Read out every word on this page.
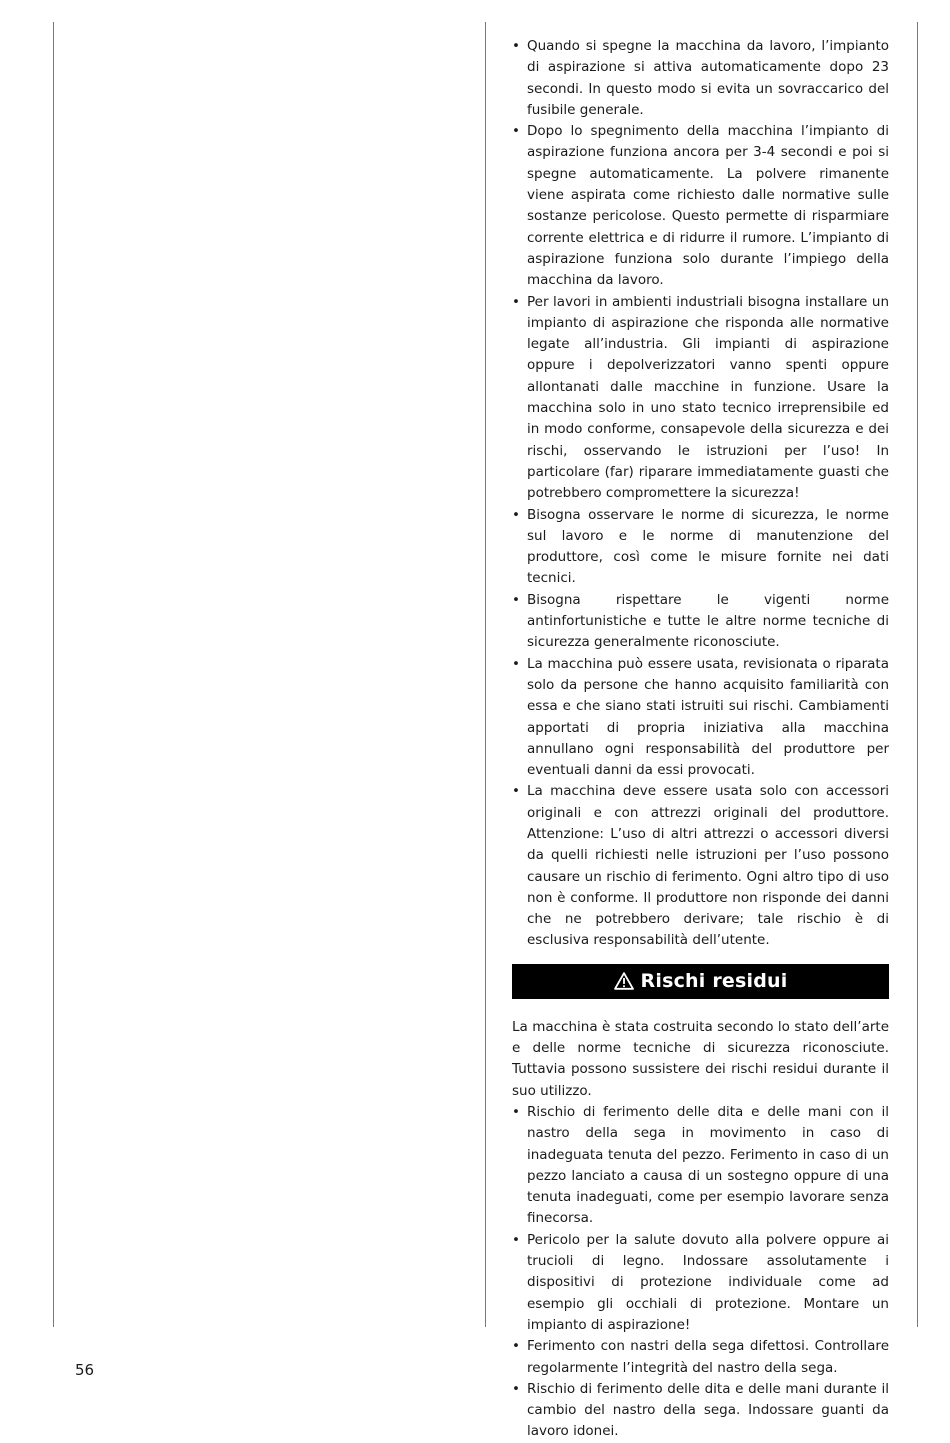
• Quando si spegne la macchina da lavoro, l’impianto di aspirazione si attiva automaticamente dopo 23 secondi. In questo modo si evita un sovraccarico del fusibile generale.
• Dopo lo spegnimento della macchina l’impianto di aspirazione funziona ancora per 3-4 secondi e poi si spegne automaticamente. La polvere rimanente viene aspirata come richiesto dalle normative sulle sostanze pericolose. Questo permette di risparmiare corrente elettrica e di ridurre il rumore. L’impianto di aspirazione funziona solo durante l’impiego della macchina da lavoro.
• Per lavori in ambienti industriali bisogna installare un impianto di aspirazione che risponda alle normative legate all’industria. Gli impianti di aspirazione oppure i depolverizzatori vanno spenti oppure allontanati dalle macchine in funzione. Usare la macchina solo in uno stato tecnico irreprensibile ed in modo conforme, consapevole della sicurezza e dei rischi, osservando le istruzioni per l’uso! In particolare (far) riparare immediatamente guasti che potrebbero compromettere la sicurezza!
• Bisogna osservare le norme di sicurezza, le norme sul lavoro e le norme di manutenzione del produttore, così come le misure fornite nei dati tecnici.
• Bisogna rispettare le vigenti norme antinfortunistiche e tutte le altre norme tecniche di sicurezza generalmente riconosciute.
• La macchina può essere usata, revisionata o riparata solo da persone che hanno acquisito familiarità con essa e che siano stati istruiti sui rischi. Cambiamenti apportati di propria iniziativa alla macchina annullano ogni responsabilità del produttore per eventuali danni da essi provocati.
• La macchina deve essere usata solo con accessori originali e con attrezzi originali del produttore. Attenzione: L’uso di altri attrezzi o accessori diversi da quelli richiesti nelle istruzioni per l’uso possono causare un rischio di ferimento. Ogni altro tipo di uso non è conforme. Il produttore non risponde dei danni che ne potrebbero derivare; tale rischio è di esclusiva responsabilità dell’utente.
Rischi residui

La macchina è stata costruita secondo lo stato dell’arte e delle norme tecniche di sicurezza riconosciute. Tuttavia possono sussistere dei rischi residui durante il suo utilizzo.

• Rischio di ferimento delle dita e delle mani con il nastro della sega in movimento in caso di inadeguata tenuta del pezzo. Ferimento in caso di un pezzo lanciato a causa di un sostegno oppure di una tenuta inadeguati, come per esempio lavorare senza finecorsa.
• Pericolo per la salute dovuto alla polvere oppure ai trucioli di legno. Indossare assolutamente i dispositivi di protezione individuale come ad esempio gli occhiali di protezione. Montare un impianto di aspirazione!
• Ferimento con nastri della sega difettosi. Controllare regolarmente l’integrità del nastro della sega.
• Rischio di ferimento delle dita e delle mani durante il cambio del nastro della sega. Indossare guanti da lavoro idonei.
56
